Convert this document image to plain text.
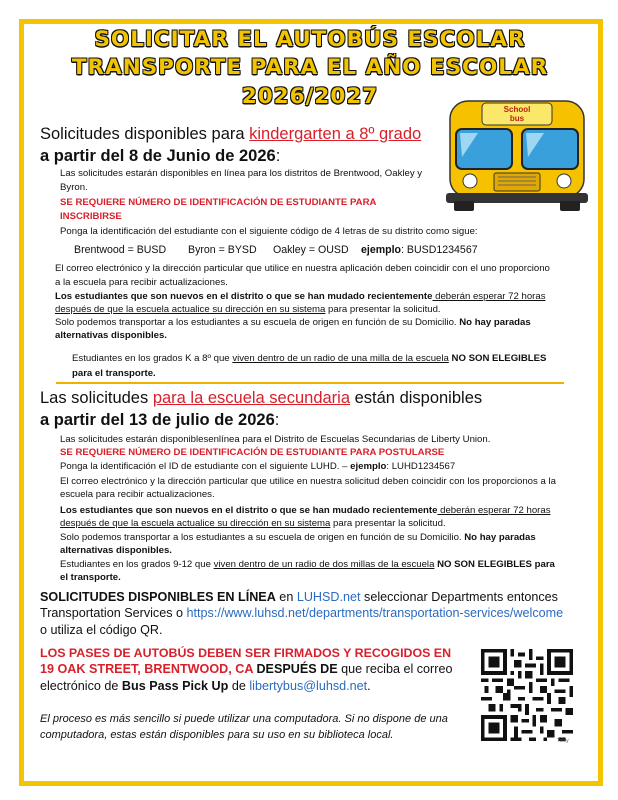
SOLICITAR EL AUTOBÚS ESCOLAR
TRANSPORTE PARA EL AÑO ESCOLAR
2026/2027
School
bus
Solicitudes disponibles para kindergarten a 8º grado
a partir del 8 de Junio de 2026:
Las solicitudes estarán disponibles en línea para los distritos de Brentwood, Oakley y
Byron.
SE REQUIERE NÚMERO DE IDENTIFICACIÓN DE ESTUDIANTE PARA
INSCRIBIRSE
Ponga la identificación del estudiante con el siguiente código de 4 letras de su distrito como sigue:
Brentwood = BUSD Byron = BYSD Oakley = OUSD ejemplo: BUSD1234567
El correo electrónico y la dirección particular que utilice en nuestra aplicación deben coincidir con el uno proporciono
a la escuela para recibir actualizaciones.
Los estudiantes que son nuevos en el distrito o que se han mudado recientemente deberán esperar 72 horas
después de que la escuela actualice su dirección en su sistema para presentar la solicitud.
Solo podemos transportar a los estudiantes a su escuela de origen en función de su Domicilio. No hay paradas
alternativas disponibles.
Estudiantes en los grados K a 8º que viven dentro de un radio de una milla de la escuela NO SON ELEGIBLES
para el transporte.
Las solicitudes para la escuela secundaria están disponibles
a partir del 13 de julio de 2026:
Las solicitudes estarán disponiblesenlínea para el Distrito de Escuelas Secundarias de Liberty Union.
SE REQUIERE NÚMERO DE IDENTIFICACIÓN DE ESTUDIANTE PARA POSTULARSE
Ponga la identificación el ID de estudiante con el siguiente LUHD. – ejemplo: LUHD1234567
El correo electrónico y la dirección particular que utilice en nuestra solicitud deben coincidir con los proporcionos a la
escuela para recibir actualizaciones.
Los estudiantes que son nuevos en el distrito o que se han mudado recientemente deberán esperar 72 horas
después de que la escuela actualice su dirección en su sistema para presentar la solicitud.
Solo podemos transportar a los estudiantes a su escuela de origen en función de su Domicilio. No hay paradas
alternativas disponibles.
Estudiantes en los grados 9-12 que viven dentro de un radio de dos millas de la escuela NO SON ELEGIBLES para
el transporte.
SOLICITUDES DISPONIBLES EN LÍNEA en LUHSD.net seleccionar Departments entonces
Transportation Services o https://www.luhsd.net/departments/transportation-services/welcome
o utiliza el código QR.
LOS PASES DE AUTOBÚS DEBEN SER FIRMADOS Y RECOGIDOS EN
19 OAK STREET, BRENTWOOD, CA DESPUÉS DE que reciba el correo
electrónico de Bus Pass Pick Up de libertybus@luhsd.net.
El proceso es más sencillo si puede utilizar una computadora. Si no dispone de una
computadora, estas están disponibles para su uso en su biblioteca local.	Tobly
